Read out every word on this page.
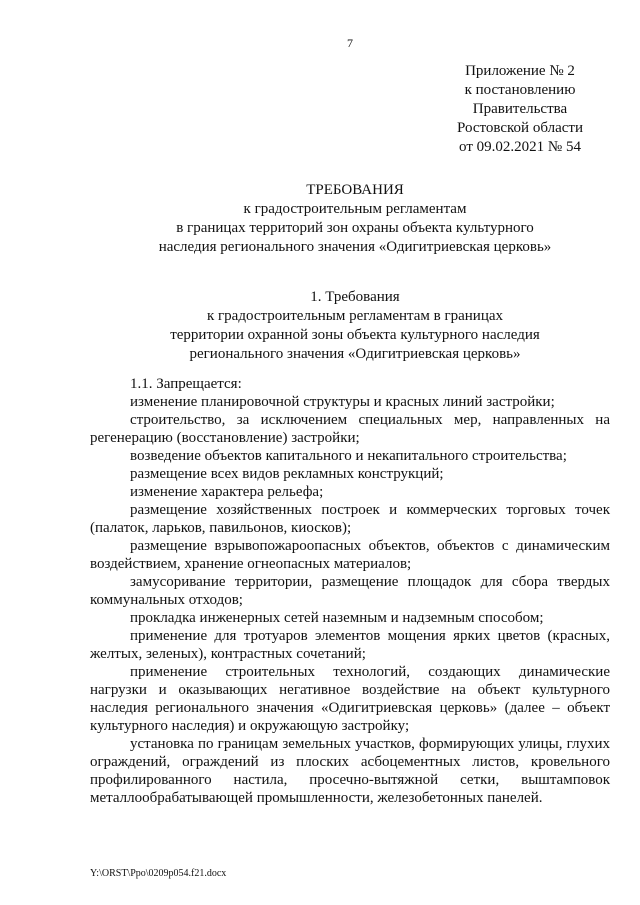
7
Приложение № 2
к постановлению
Правительства
Ростовской области
от 09.02.2021 № 54
ТРЕБОВАНИЯ
к градостроительным регламентам
в границах территорий зон охраны объекта культурного
наследия регионального значения «Одигитриевская церковь»
1. Требования
к градостроительным регламентам в границах
территории охранной зоны объекта культурного наследия
регионального значения «Одигитриевская церковь»

1.1. Запрещается:

изменение планировочной структуры и красных линий застройки;

строительство, за исключением специальных мер, направленных на регенерацию (восстановление) застройки;

возведение объектов капитального и некапитального строительства;

размещение всех видов рекламных конструкций;

изменение характера рельефа;

размещение хозяйственных построек и коммерческих торговых точек (палаток, ларьков, павильонов, киосков);

размещение взрывопожароопасных объектов, объектов с динамическим воздействием, хранение огнеопасных материалов;

замусоривание территории, размещение площадок для сбора твердых коммунальных отходов;

прокладка инженерных сетей наземным и надземным способом;

применение для тротуаров элементов мощения ярких цветов (красных, желтых, зеленых), контрастных сочетаний;

применение строительных технологий, создающих динамические нагрузки и оказывающих негативное воздействие на объект культурного наследия регионального значения «Одигитриевская церковь» (далее – объект культурного наследия) и окружающую застройку;

установка по границам земельных участков, формирующих улицы, глухих ограждений, ограждений из плоских асбоцементных листов, кровельного профилированного настила, просечно-вытяжной сетки, выштамповок металлообрабатывающей промышленности, железобетонных панелей.

Y:\ORST\Ppo\0209p054.f21.docx
